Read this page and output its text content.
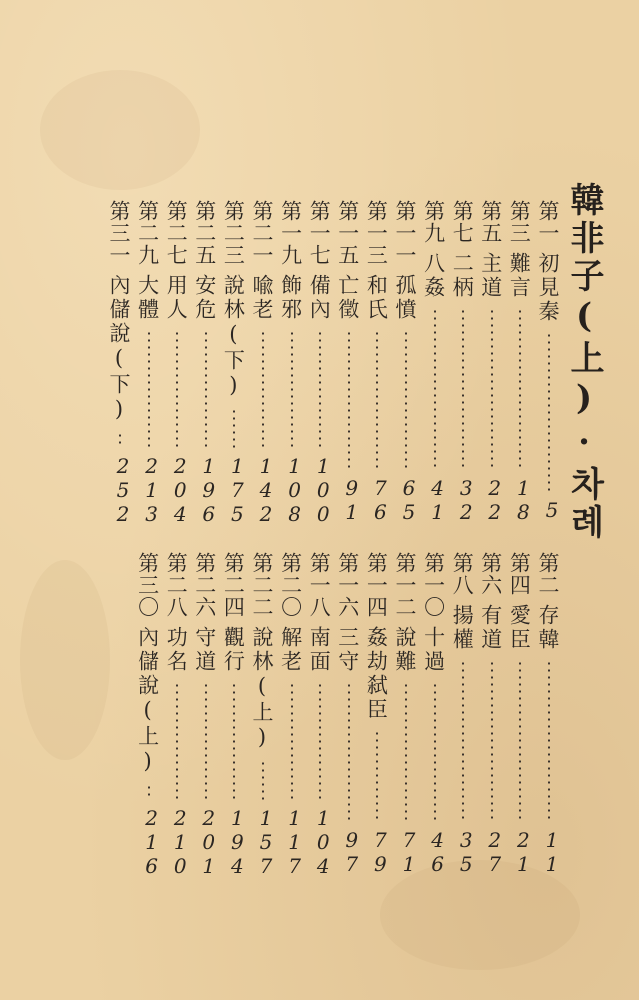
韓非子(上)·차례
第一初見秦
5
第三難言
18
第五主道
22
第七二柄
32
第九八姦
41
第一一孤憤
65
第一三和氏
76
第一五亡徵
91
第一七備內
100
第一九飾邪
108
第二一喩老
142
第二三說林(下)
175
第二五安危
196
第二七用人
204
第二九大體
213
第三一內儲說(下)
252
第二存韓
11
第四愛臣
21
第六有道
27
第八揚權
35
第一〇十過
46
第一二說難
71
第一四姦劫弑臣
79
第一六三守
97
第一八南面
104
第二〇解老
117
第二二說林(上)
157
第二四觀行
194
第二六守道
201
第二八功名
210
第三〇內儲說(上)
216
